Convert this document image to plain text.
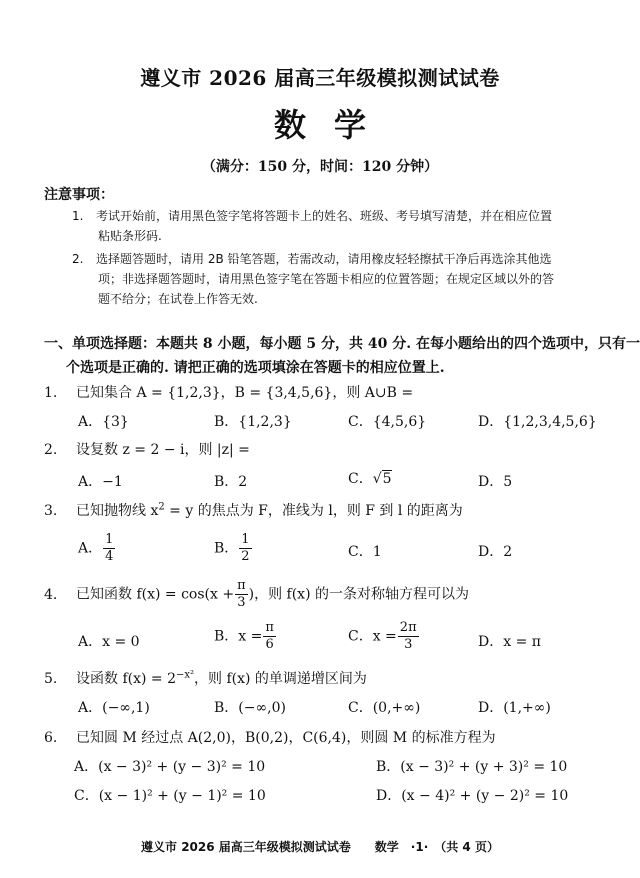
遵义市 2026 届高三年级模拟测试试卷
数学
（满分：150 分，时间：120 分钟）
注意事项：
1.	考试开始前，请用黑色签字笔将答题卡上的姓名、班级、考号填写清楚，并在相应位置
粘贴条形码.
2.	选择题答题时，请用 2B 铅笔答题，若需改动，请用橡皮轻轻擦拭干净后再选涂其他选
项；非选择题答题时，请用黑色签字笔在答题卡相应的位置答题；在规定区域以外的答
题不给分；在试卷上作答无效.
一、单项选择题：本题共 8 小题，每小题 5 分，共 40 分. 在每小题给出的四个选项中，只有一
个选项是正确的. 请把正确的选项填涂在答题卡的相应位置上.
1. 已知集合 A = {1,2,3}，B = {3,4,5,6}，则 A∪B =
A．{3}	B．{1,2,3}	C．{4,5,6}	D．{1,2,3,4,5,6}
2. 设复数 z = 2 − i，则 |z| =
A．−1	B．2	C．√5	D．5
3. 已知抛物线 $x^2 = y$ 的焦点为 F，准线为 l，则 F 到 l 的距离为
A． $\frac{1}{4}$	B． $\frac{1}{2}$	C．1	D．2
4. 已知函数 $f(x) = \cos(x + \frac{\pi}{3}$ )，则 f(x) 的一条对称轴方程可以为
A．x = 0	B．$x = \frac{\pi}{6}$	C．$x = \frac{2\pi}{3}$	D．x = π
5. 设函数 $f(x) = 2^{-x^2}$，则 f(x) 的单调递增区间为
A．(−∞,1)	B．(−∞,0)	C．(0,+∞)	D．(1,+∞)
6. 已知圆 M 经过点 A(2,0)，B(0,2)，C(6,4)，则圆 M 的标准方程为
A．(x − 3)² + (y − 3)² = 10	B．(x − 3)² + (y + 3)² = 10
C．(x − 1)² + (y − 1)² = 10	D．(x − 4)² + (y − 2)² = 10
遵义市 2026 届高三年级模拟测试试卷　　数学　·1·　（共 4 页）
